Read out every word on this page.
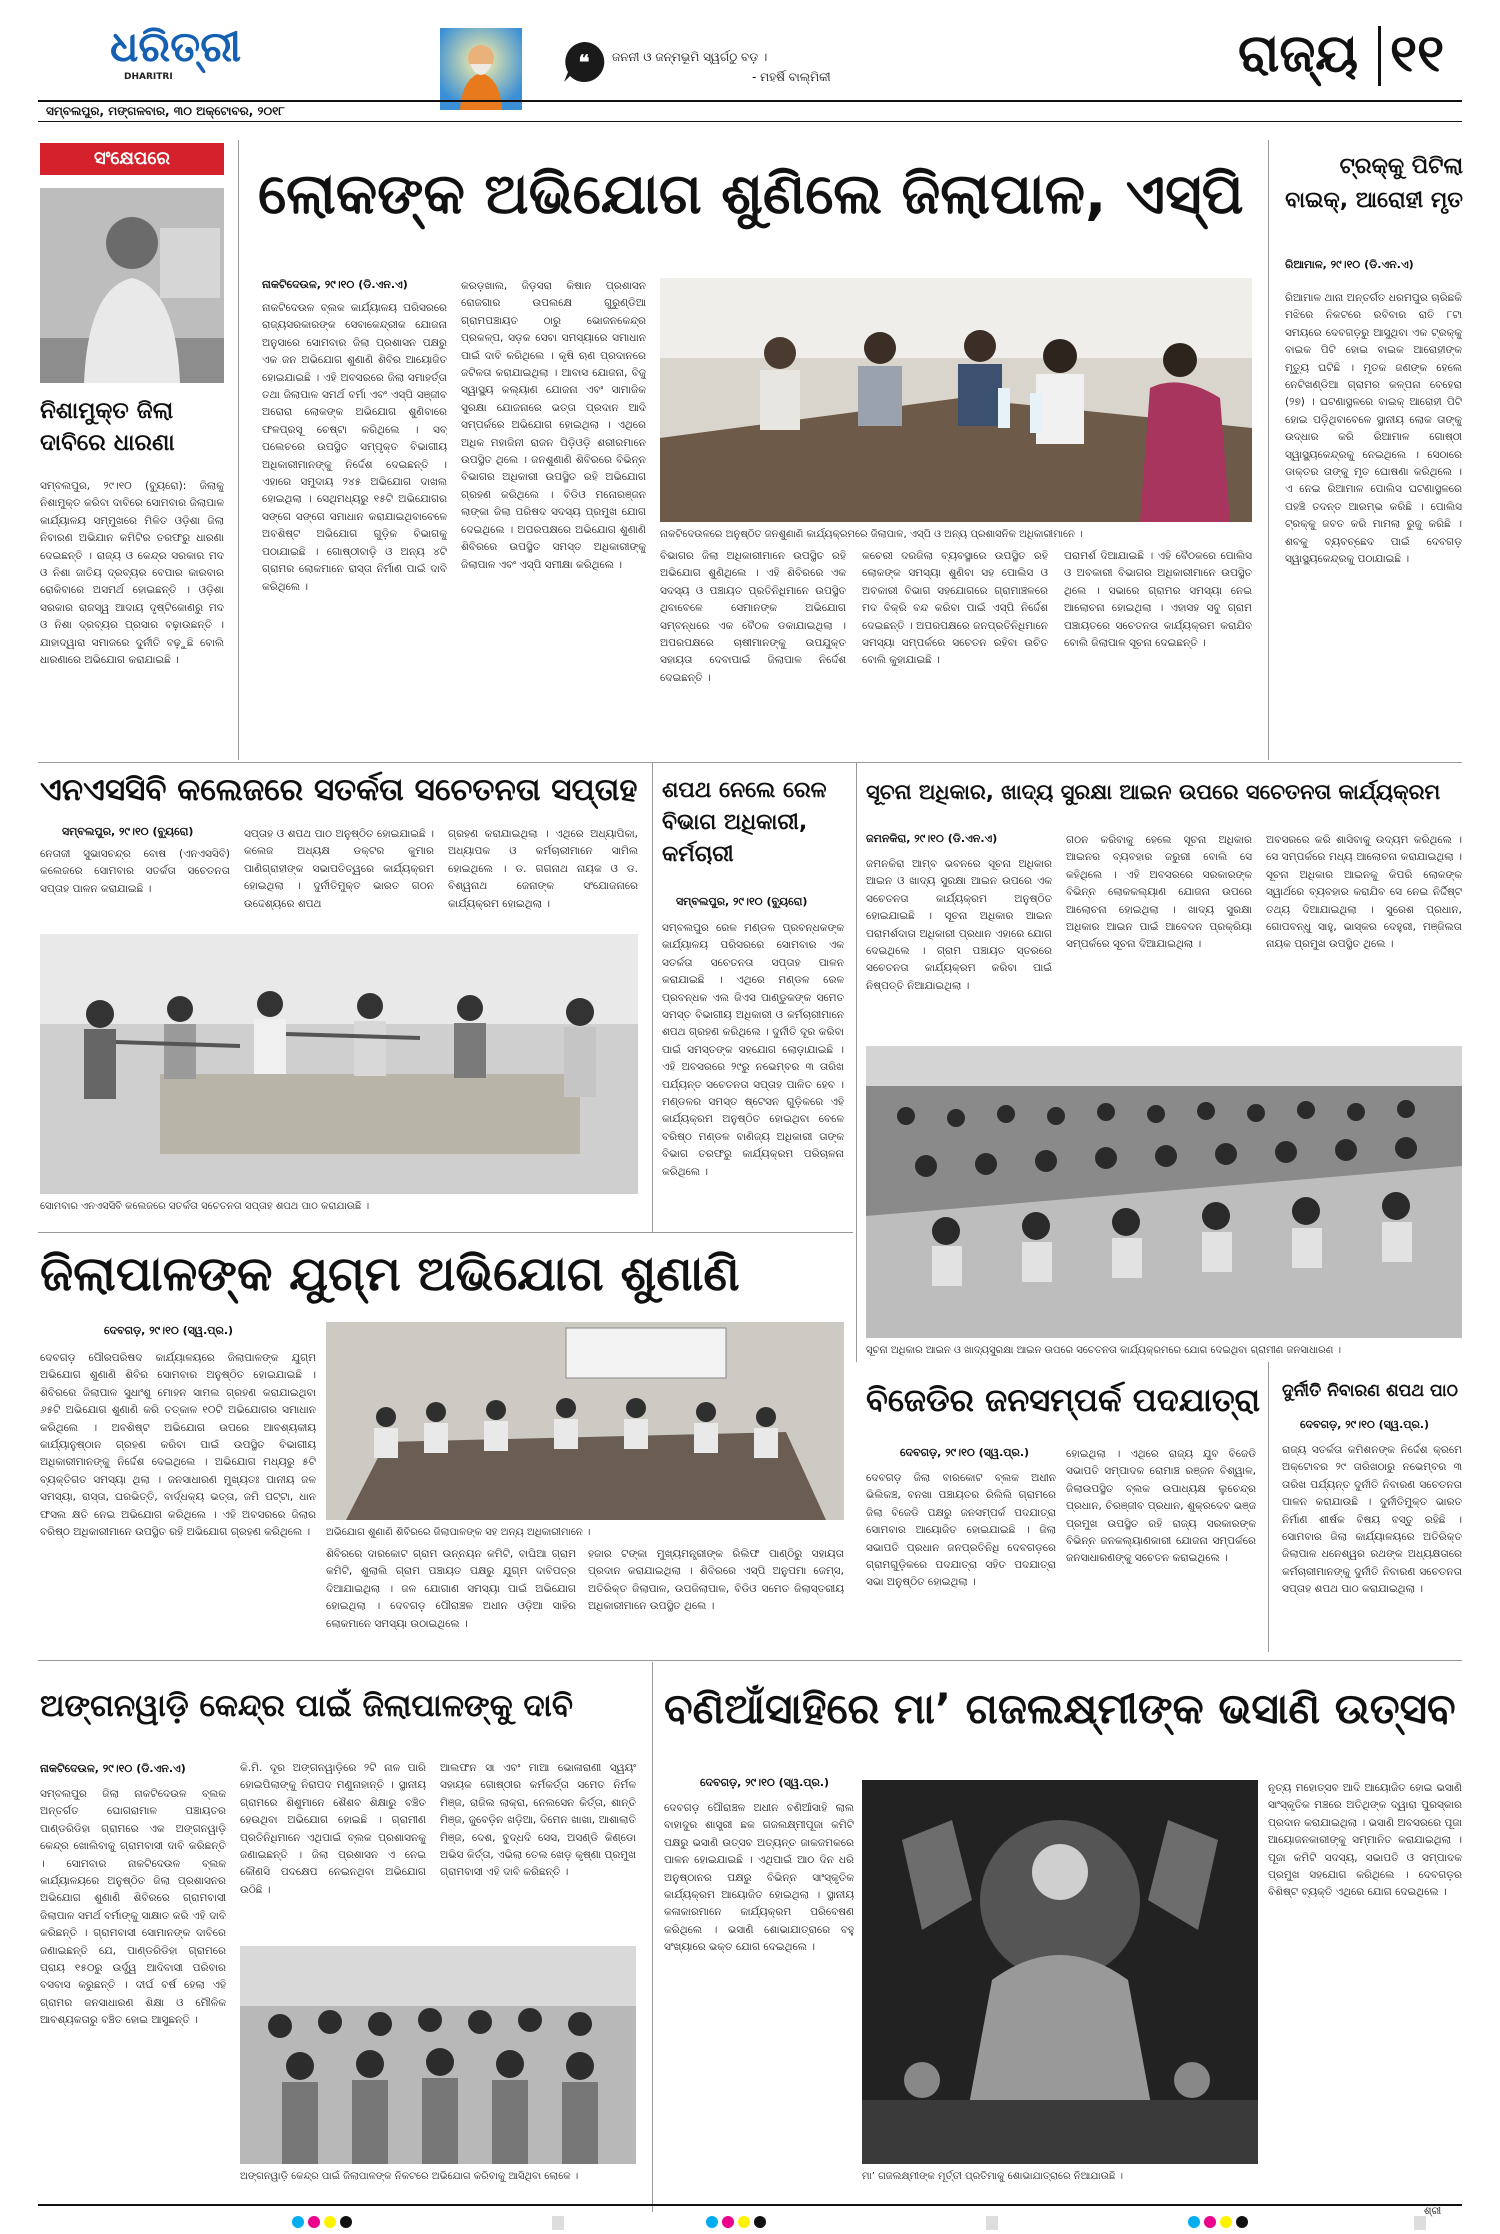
ଧରିତ୍ରୀ
DHARITRI
❝ ଜନନୀ ଓ ଜନ୍ମଭୂମି ସ୍ୱର୍ଗଠୁ ବଡ଼ ।
- ମହର୍ଷି ବାଲ୍ମିକୀ	ରାଜ୍ୟ ୧୧
ସମ୍ବଲପୁର, ମଙ୍ଗଳବାର, ୩୦ ଅକ୍ଟୋବର, ୨୦୧୮
ସଂକ୍ଷେପରେ
ନିଶାମୁକ୍ତ ଜିଲା ଦାବିରେ ଧାରଣା
ସମ୍ବଲପୁର, ୨୯।୧୦ (ବ୍ୟୁରୋ): ଜିଲାକୁ ନିଶାମୁକ୍ତ କରିବା ଦାବିରେ ସୋମବାର ଜିଲାପାଳ କାର୍ଯ୍ୟାଳୟ ସମ୍ମୁଖରେ ମିଳିତ ଓଡ଼ିଶା ଜିଲା ନିବାରଣ ଅଭିଯାନ କମିଟିର ତରଫରୁ ଧାରଣା ଦେଇଛନ୍ତି । ରାଜ୍ୟ ଓ କେନ୍ଦ୍ର ସରକାର ମଦ ଓ ନିଶା ଜାତିୟ ଦ୍ରବ୍ୟର ବେପାର କାରବାର ରୋକିବାରେ ଅସମର୍ଥ ହୋଇଛନ୍ତି । ଓଡ଼ିଶା ସରକାର ରାଜସ୍ୱ ଆଦାୟ ଦୃଷ୍ଟିକୋଣରୁ ମଦ ଓ ନିଶା ଦ୍ରବ୍ୟର ପ୍ରସାର ବଢ଼ାଉଛନ୍ତି । ଯାହାଦ୍ୱାରା ସମାଜରେ ଦୁର୍ନୀତି ବଢ଼ୁଛି ବୋଲି ଧାରଣାରେ ଅଭିଯୋଗ କରାଯାଇଛି ।
ଲୋକଙ୍କ ଅଭିଯୋଗ ଶୁଣିଲେ ଜିଲାପାଳ, ଏସ୍‌ପି
ନାକଟିଦେଉଳ, ୨୯।୧୦ (ଡି.ଏନ.ଏ)
ନାକଟିଦେଉଳ ବ୍ଲକ କାର୍ଯ୍ୟାଳୟ ପରିସରରେ ରାଜ୍ୟସରକାରଙ୍କ ସେବାକେନ୍ଦ୍ରୀକ ଯୋଜନା ଅନୁସାରେ ସୋମବାର ଜିଲା ପ୍ରଶାସନ ପକ୍ଷରୁ ଏକ ଜନ ଅଭିଯୋଗ ଶୁଣାଣି ଶିବିର ଆୟୋଜିତ ହୋଇଯାଇଛି । ଏହି ଅବସରରେ ଜିଲା ସମାହର୍ତ୍ତା ତଥା ଜିଲାପାଳ ସମର୍ଥ ବର୍ମା ଏବଂ ଏସ୍‌ପି ସଞ୍ଜୀବ ଅରୋରା ଲୋକଙ୍କ ଅଭିଯୋଗ ଶୁଣିବାରେ ଫଳପ୍ରସୂ ଚେଷ୍ଟା କରିଥିଲେ । ସବ୍ ପଲେଚରେ ଉପସ୍ଥିତ ସମ୍ପୃକ୍ତ ବିଭାଗୀୟ ଅଧିକାରୀମାନଙ୍କୁ ନିର୍ଦ୍ଦେଶ ଦେଇଛନ୍ତି । ଏହାରେ ସମୁଦାୟ ୨୪୫ ଅଭିଯୋଗ ଦାଖଲ ହୋଇଥିଲା । ସେଥିମଧ୍ୟରୁ ୧୫ଟି ଅଭିଯୋଗର ସଙ୍ଗେ ସଙ୍ଗେ ସମାଧାନ କରାଯାଇଥିବାବେଳେ ଅବଶିଷ୍ଟ ଅଭିଯୋଗ ଗୁଡ଼ିକ ବିଭାଗକୁ ପଠାଯାଇଛି । ଗୋଷ୍ଠୀବାଡ଼ି ଓ ଅନ୍ୟ ୪ଟି ଗ୍ରାମର ଲୋକମାନେ ରାସ୍ତା ନିର୍ମାଣ ପାଇଁ ଦାବି କରିଥିଲେ ।
କରଡ଼ଖାଲ, ଜିଡ଼ସରା କିଷାନ ପ୍ରଶାସନ ରୋଜଗାର ଉପଲକ୍ଷେ ଗୁରୁଣ୍ଡିଆ ଗ୍ରାମପଞ୍ଚାୟତ ଠାରୁ ଭୋଜନକେନ୍ଦ୍ର ପ୍ରକଳ୍ପ, ସଡ଼କ ସେବା ସମସ୍ୟାରେ ସମାଧାନ ପାଇଁ ଦାବି କରିଥିଲେ । କୃଷି ଋଣ ପ୍ରଦାନରେ ଜଟିଳତା କରାଯାଇଥିଲା । ଆବାସ ଯୋଜନା, ବିଜୁ ସ୍ୱାସ୍ଥ୍ୟ କଲ୍ୟାଣ ଯୋଜନା ଏବଂ ସାମାଜିକ ସୁରକ୍ଷା ଯୋଜନାରେ ଭତ୍ତା ପ୍ରଦାନ ଆଦି ସମ୍ପର୍କରେ ଅଭିଯୋଗ ହୋଇଥିଲା । ଏଥିରେ ଅଧିକ ମହାଜିନୀ ରାଜନ ପିଡ଼ିଓଡ଼ି ଶରୀରମାନେ ଉପସ୍ଥିତ ଥିଲେ । ଜନଶୁଣାଣି ଶିବିରରେ ବିଭିନ୍ନ ବିଭାଗର ଅଧିକାରୀ ଉପସ୍ଥିତ ରହି ଅଭିଯୋଗ ଗ୍ରହଣ କରିଥିଲେ । ବିଡିଓ ମନୋରଞ୍ଜନ ଲାଙ୍କା ଜିଲା ପରିଷଦ ସଦସ୍ୟ ପ୍ରମୁଖ ଯୋଗ ଦେଇଥିଲେ । ଅପରପକ୍ଷରେ ଅଭିଯୋଗ ଶୁଣାଣି ଶିବିରରେ ଉପସ୍ଥିତ ସମସ୍ତ ଅଧିକାରୀଙ୍କୁ ଜିଲାପାଳ ଏବଂ ଏସ୍‌ପି ସମୀକ୍ଷା କରିଥିଲେ ।
ନାକଟିଦେଉଳରେ ଅନୁଷ୍ଠିତ ଜନଶୁଣାଣି କାର୍ଯ୍ୟକ୍ରମରେ ଜିଲାପାଳ, ଏସ୍‌ପି ଓ ଅନ୍ୟ ପ୍ରଶାସନିକ ଅଧିକାରୀମାନେ ।
ବିଭାଗର ଜିଲା ଅଧିକାରୀମାନେ ଉପସ୍ଥିତ ରହି ଅଭିଯୋଗ ଶୁଣିଥିଲେ । ଏହି ଶିବିରରେ ଏକ ସଦସ୍ୟ ଓ ପଞ୍ଚାୟତ ପ୍ରତିନିଧିମାନେ ଉପସ୍ଥିତ ଥିବାବେଳେ ସେମାନଙ୍କ ଅଭିଯୋଗ ସମ୍ବନ୍ଧରେ ଏକ ବୈଠକ ଡକାଯାଇଥିଲା । ଅପରପକ୍ଷରେ ଚାଷୀମାନଙ୍କୁ ଉପଯୁକ୍ତ ସହାୟତା ଦେବାପାଇଁ ଜିଲାପାଳ ନିର୍ଦ୍ଦେଶ ଦେଇଛନ୍ତି ।
କଚେରୀ ଦରଜିଲା ବ୍ୟବସ୍ଥାରେ ଉପସ୍ଥିତ ରହି ଲୋକଙ୍କ ସମସ୍ୟା ଶୁଣିବା ସହ ପୋଲିସ ଓ ଅବକାରୀ ବିଭାଗ ସହଯୋଗରେ ଗ୍ରାମାଞ୍ଚଳରେ ମଦ ବିକ୍ରି ବନ୍ଦ କରିବା ପାଇଁ ଏସ୍‌ପି ନିର୍ଦ୍ଦେଶ ଦେଇଛନ୍ତି । ଅପରପକ୍ଷରେ ଜନପ୍ରତିନିଧିମାନେ ସମସ୍ୟା ସମ୍ପର୍କରେ ସଚେତନ ରହିବା ଉଚିତ ବୋଲି କୁହାଯାଇଛି ।
ପରାମର୍ଶ ଦିଆଯାଇଛି । ଏହି ବୈଠକରେ ପୋଲିସ ଓ ଅବକାରୀ ବିଭାଗର ଅଧିକାରୀମାନେ ଉପସ୍ଥିତ ଥିଲେ । ସଭାରେ ଗ୍ରାମର ସମସ୍ୟା ନେଇ ଆଲୋଚନା ହୋଇଥିଲା । ଏହାସହ ସବୁ ଗ୍ରାମ ପଞ୍ଚାୟତରେ ସଚେତନତା କାର୍ଯ୍ୟକ୍ରମ କରାଯିବ ବୋଲି ଜିଲାପାଳ ସୂଚନା ଦେଇଛନ୍ତି ।
ଟ୍ରକ୍‌କୁ ପିଟିଲା ବାଇକ୍, ଆରୋହୀ ମୃତ
ରିଆମାଳ, ୨୯।୧୦ (ଡି.ଏନ.ଏ)
ରିଆମାଳ ଥାନା ଅନ୍ତର୍ଗତ ଧରମପୁର ଚାରିଛକି ମଝିରେ ନିକଟରେ ରବିବାର ରାତି ୮ଟା ସମୟରେ ଦେବଗଡ଼ରୁ ଆସୁଥିବା ଏକ ଟ୍ରକ୍‌କୁ ବାଇକ ପିଟି ହୋଇ ବାଇକ ଆରୋହୀଙ୍କ ମୃତ୍ୟୁ ଘଟିଛି । ମୃତକ ଜଣଙ୍କ ହେଲେ ନେଟିଖଣ୍ଡିଆ ଗ୍ରାମର କଳ୍ପନା ବେହେରା (୨୭) । ଘଟଣାସ୍ଥଳରେ ବାଇକ୍ ଆରୋହୀ ପିଟି ହୋଇ ପଡ଼ିଥିବାବେଳେ ସ୍ଥାନୀୟ ଲୋକ ତାଙ୍କୁ ଉଦ୍ଧାର କରି ରିଆମାଳ ଗୋଷ୍ଠୀ ସ୍ୱାସ୍ଥ୍ୟକେନ୍ଦ୍ରକୁ ନେଇଥିଲେ । ସେଠାରେ ଡାକ୍ତର ତାଙ୍କୁ ମୃତ ଘୋଷଣା କରିଥିଲେ । ଏ ନେଇ ରିଆମାଳ ପୋଲିସ ଘଟଣାସ୍ଥଳରେ ପହଞ୍ଚି ତଦନ୍ତ ଆରମ୍ଭ କରିଛି । ପୋଲିସ ଟ୍ରକ୍‌କୁ ଜବତ କରି ମାମଲା ରୁଜୁ କରିଛି । ଶବକୁ ବ୍ୟବଚ୍ଛେଦ ପାଇଁ ଦେବଗଡ଼ ସ୍ୱାସ୍ଥ୍ୟକେନ୍ଦ୍ରକୁ ପଠାଯାଇଛି ।
ଏନଏସସିବି କଲେଜରେ ସତର୍କତା ସଚେତନତା ସପ୍ତାହ
ସମ୍ବଲପୁର, ୨୯।୧୦ (ବ୍ୟୁରୋ)
ନେତାଜୀ ସୁଭାସଚନ୍ଦ୍ର ବୋଷ (ଏନଏସସିବି) କଲେଜରେ ସୋମବାର ସତର୍କତା ସଚେତନତା ସପ୍ତାହ ପାଳନ କରାଯାଇଛି ।
ସପ୍ତାହ ଓ ଶପଥ ପାଠ ଅନୁଷ୍ଠିତ ହୋଇଯାଇଛି । କଲେଜ ଅଧ୍ୟକ୍ଷ ଡକ୍ଟର କୁମାର ପାଣିଗ୍ରାହୀଙ୍କ ସଭାପତିତ୍ୱରେ କାର୍ଯ୍ୟକ୍ରମ ହୋଇଥିଲା । ଦୁର୍ନୀତିମୁକ୍ତ ଭାରତ ଗଠନ ଉଦ୍ଦେଶ୍ୟରେ ଶପଥ
ଗ୍ରହଣ କରାଯାଇଥିଲା । ଏଥିରେ ଅଧ୍ୟାପିକା, ଅଧ୍ୟାପକ ଓ କର୍ମଚାରୀମାନେ ସାମିଲ ହୋଇଥିଲେ । ଡ. ଗଗନାଥ ନାୟକ ଓ ଡ. ବିଶ୍ୱନାଥ ଜେନାଙ୍କ ସଂଯୋଜନାରେ କାର୍ଯ୍ୟକ୍ରମ ହୋଇଥିଲା ।
ସୋମବାର ଏନଏସସିବି କଲେଜରେ ସତର୍କତା ସଚେତନତା ସପ୍ତାହ ଶପଥ ପାଠ କରାଯାଉଛି ।
ଶପଥ ନେଲେ ରେଳ ବିଭାଗ ଅଧିକାରୀ, କର୍ମଚାରୀ
ସମ୍ବଲପୁର, ୨୯।୧୦ (ବ୍ୟୁରୋ)
ସମ୍ବଲପୁର ରେଳ ମଣ୍ଡଳ ପ୍ରବନ୍ଧକଙ୍କ କାର୍ଯ୍ୟାଳୟ ପରିସରରେ ସୋମବାର ଏକ ସତର୍କତା ସଚେତନତା ସପ୍ତାହ ପାଳନ କରାଯାଇଛି । ଏଥିରେ ମଣ୍ଡଳ ରେଳ ପ୍ରବନ୍ଧକ ଏଲ ଜିଏସ ପାଣ୍ଡୁକଙ୍କ ସମେତ ସମସ୍ତ ବିଭାଗୀୟ ଅଧିକାରୀ ଓ କର୍ମଚାରୀମାନେ ଶପଥ ଗ୍ରହଣ କରିଥିଲେ । ଦୁର୍ନୀତି ଦୂର କରିବା ପାଇଁ ସମସ୍ତଙ୍କ ସହଯୋଗ ଲୋଡ଼ାଯାଇଛି । ଏହି ଅବସରରେ ୨୯ରୁ ନଭେମ୍ବର ୩ ତାରିଖ ପର୍ଯ୍ୟନ୍ତ ସଚେତନତା ସପ୍ତାହ ପାଳିତ ହେବ । ମଣ୍ଡଳର ସମସ୍ତ ଷ୍ଟେସନ ଗୁଡ଼ିକରେ ଏହି କାର୍ଯ୍ୟକ୍ରମ ଅନୁଷ୍ଠିତ ହୋଇଥିବା ବେଳେ ବରିଷ୍ଠ ମଣ୍ଡଳ ବାଣିଜ୍ୟ ଅଧିକାରୀ ତାଙ୍କ ବିଭାଗ ତରଫରୁ କାର୍ଯ୍ୟକ୍ରମ ପରିଚାଳନା କରିଥିଲେ ।
ସୂଚନା ଅଧିକାର, ଖାଦ୍ୟ ସୁରକ୍ଷା ଆଇନ ଉପରେ ସଚେତନତା କାର୍ଯ୍ୟକ୍ରମ
ଜମନକିରା, ୨୯।୧୦ (ଡି.ଏନ.ଏ)
ଜମନକିରା ଆମ୍ବ ଭବନରେ ସୂଚନା ଅଧିକାର ଆଇନ ଓ ଖାଦ୍ୟ ସୁରକ୍ଷା ଆଇନ ଉପରେ ଏକ ସଚେତନତା କାର୍ଯ୍ୟକ୍ରମ ଅନୁଷ୍ଠିତ ହୋଇଯାଇଛି । ସୂଚନା ଅଧିକାର ଆଇନ ପରାମର୍ଶଦାତା ଅଧିକାରୀ ପ୍ରଧାନ ଏହାରେ ଯୋଗ ଦେଇଥିଲେ । ଗ୍ରାମ ପଞ୍ଚାୟତ ସ୍ତରରେ ସଚେତନତା କାର୍ଯ୍ୟକ୍ରମ କରିବା ପାଇଁ ନିଷ୍ପତ୍ତି ନିଆଯାଇଥିଲା ।
ଗଠନ କରିବାକୁ ହେଲେ ସୂଚନା ଅଧିକାର ଆଇନର ବ୍ୟବହାର ଜରୁରୀ ବୋଲି ସେ କହିଥିଲେ । ଏହି ଅବସରରେ ସରକାରଙ୍କ ବିଭିନ୍ନ ଲୋକକଲ୍ୟାଣ ଯୋଜନା ଉପରେ ଆଲୋଚନା ହୋଇଥିଲା । ଖାଦ୍ୟ ସୁରକ୍ଷା ଅଧିକାର ଆଇନ ପାଇଁ ଆବେଦନ ପ୍ରକ୍ରିୟା ସମ୍ପର୍କରେ ସୂଚନା ଦିଆଯାଇଥିଲା ।
ଅବସରରେ କରି ଶାସିବାକୁ ଉଦ୍ୟମ କରିଥିଲେ । ସେ ସମ୍ପର୍କରେ ମଧ୍ୟ ଆଲୋଚନା କରାଯାଇଥିଲା । ସୂଚନା ଅଧିକାର ଆଇନକୁ କିପରି ଲୋକଙ୍କ ସ୍ୱାର୍ଥରେ ବ୍ୟବହାର କରାଯିବ ସେ ନେଇ ନିର୍ଦ୍ଦିଷ୍ଟ ତଥ୍ୟ ଦିଆଯାଇଥିଲା । ସୁରେଶ ପ୍ରଧାନ, ଗୋପବନ୍ଧୁ ସାହୁ, ଭାସ୍କର ଦେହୁରୀ, ମଞ୍ଜିଲତା ନାୟକ ପ୍ରମୁଖ ଉପସ୍ଥିତ ଥିଲେ ।
ସୂଚନା ଅଧିକାର ଆଇନ ଓ ଖାଦ୍ୟସୁରକ୍ଷା ଆଇନ ଉପରେ ସଚେତନତା କାର୍ଯ୍ୟକ୍ରମରେ ଯୋଗ ଦେଇଥିବା ଗ୍ରାମୀଣ ଜନସାଧାରଣ ।
ଜିଲାପାଳଙ୍କ ଯୁଗ୍ମ ଅଭିଯୋଗ ଶୁଣାଣି
ଦେବଗଡ଼, ୨୯।୧୦ (ସ୍ୱ.ପ୍ର.)
ଦେବଗଡ଼ ପୌରପରିଷଦ କାର୍ଯ୍ୟାଳୟରେ ଜିଲାପାଳଙ୍କ ଯୁଗ୍ମ ଅଭିଯୋଗ ଶୁଣାଣି ଶିବିର ସୋମବାର ଅନୁଷ୍ଠିତ ହୋଇଯାଇଛି । ଶିବିରରେ ଜିଲାପାଳ ସୁଧାଂଶୁ ମୋହନ ସାମଲ ଗ୍ରହଣ କରାଯାଇଥିବା ୬୫ଟି ଅଭିଯୋଗ ଶୁଣାଣି କରି ତତ୍କାଳ ୧୦ଟି ଅଭିଯୋଗର ସମାଧାନ କରିଥିଲେ । ଅବଶିଷ୍ଟ ଅଭିଯୋଗ ଉପରେ ଆବଶ୍ୟକୀୟ କାର୍ଯ୍ୟାନୁଷ୍ଠାନ ଗ୍ରହଣ କରିବା ପାଇଁ ଉପସ୍ଥିତ ବିଭାଗୀୟ ଅଧିକାରୀମାନଙ୍କୁ ନିର୍ଦ୍ଦେଶ ଦେଇଥିଲେ । ଅଭିଯୋଗ ମଧ୍ୟରୁ ୫ଟି ବ୍ୟକ୍ତିଗତ ସମସ୍ୟା ଥିଲା । ଜନସାଧାରଣ ମୁଖ୍ୟତଃ ପାନୀୟ ଜଳ ସମସ୍ୟା, ରାସ୍ତା, ଘରଭିତ୍ତି, ବାର୍ଦ୍ଧକ୍ୟ ଭତ୍ତା, ଜମି ପଟ୍ଟା, ଧାନ ଫସଲ କ୍ଷତି ନେଇ ଅଭିଯୋଗ କରିଥିଲେ । ଏହି ଅବସରରେ ଜିଲାର ବରିଷ୍ଠ ଅଧିକାରୀମାନେ ଉପସ୍ଥିତ ରହି ଅଭିଯୋଗ ଗ୍ରହଣ କରିଥିଲେ ।	ଅଭିଯୋଗ ଶୁଣାଣି ଶିବିରରେ ଜିଲାପାଳଙ୍କ ସହ ଅନ୍ୟ ଅଧିକାରୀମାନେ ।
ଶିବିରରେ ଦାରକୋଟ ଗ୍ରାମ ଉନ୍ନୟନ କମିଟି, ବାଘିଆ ଗ୍ରାମ କମିଟି, ଶୁଲାଲି ଗ୍ରାମ ପଞ୍ଚାୟତ ପକ୍ଷରୁ ଯୁଗ୍ମ ଦାବିପତ୍ର ଦିଆଯାଇଥିଲା । ଜଳ ଯୋଗାଣ ସମସ୍ୟା ପାଇଁ ଅଭିଯୋଗ ହୋଇଥିଲା । ଦେବଗଡ଼ ପୌରାଞ୍ଚଳ ଅଧୀନ ଓଡ଼ିଆ ସାହିର ଲୋକମାନେ ସମସ୍ୟା ଉଠାଇଥିଲେ ।
ହଜାର ଟଙ୍କା ମୁଖ୍ୟମନ୍ତ୍ରୀଙ୍କ ରିଲିଫ ପାଣ୍ଠିରୁ ସହାୟତା ପ୍ରଦାନ କରାଯାଇଥିଲା । ଶିବିରରେ ଏସ୍‌ପି ଅନୁପମା ଜେମ୍ସ, ଅତିରିକ୍ତ ଜିଲାପାଳ, ଉପଜିଲାପାଳ, ବିଡିଓ ସମେତ ଜିଲାସ୍ତରୀୟ ଅଧିକାରୀମାନେ ଉପସ୍ଥିତ ଥିଲେ ।
ବିଜେଡିର ଜନସମ୍ପର୍କ ପଦଯାତ୍ରା
ଦେବଗଡ଼, ୨୯।୧୦ (ସ୍ୱ.ପ୍ର.)
ଦେବଗଡ଼ ଜିଲା ବାରକୋଟ ବ୍ଲକ ଅଧୀନ ଭିଲିକଞ୍ଚ, ବନଖା ପଞ୍ଚାୟତର ରିଲିଲି ଗ୍ରାମରେ ଜିଲା ବିଜେଡି ପକ୍ଷରୁ ଜନସମ୍ପର୍କ ପଦଯାତ୍ରା ସୋମବାର ଆୟୋଜିତ ହୋଇଯାଇଛି । ଜିଲା ସଭାପତି ପ୍ରଧାନ ଜନପ୍ରତିନିଧି ଦେବଗଡ଼ରେ ଗ୍ରାମଗୁଡ଼ିକରେ ପଦଯାତ୍ରା ସହିତ ପଦଯାତ୍ରା ସଭା ଅନୁଷ୍ଠିତ ହୋଇଥିଲା ।
ହୋଇଥିଲା । ଏଥିରେ ରାଜ୍ୟ ଯୁବ ବିଜେଡି ସଭାପତି ସମ୍ପାଦକ ରୋମାଞ୍ଚ ରଞ୍ଜନ ବିଶ୍ୱାଳ, ଜିଲାଉପସ୍ଥିତ ବ୍ଲକ ଉପାଧ୍ୟକ୍ଷ ଲୁଚେନ୍ଦ୍ର ପ୍ରଧାନ, ଚିରଞ୍ଜୀବ ପ୍ରଧାନ, ଶୁକ୍ରଦେବ ଭଞ୍ଜ ପ୍ରମୁଖ ଉପସ୍ଥିତ ରହି ରାଜ୍ୟ ସରକାରଙ୍କ ବିଭିନ୍ନ ଜନକଲ୍ୟାଣକାରୀ ଯୋଜନା ସମ୍ପର୍କରେ ଜନସାଧାରଣଙ୍କୁ ସଚେତନ କରାଇଥିଲେ ।
ଦୁର୍ନୀତି ନିବାରଣ ଶପଥ ପାଠ
ଦେବଗଡ଼, ୨୯।୧୦ (ସ୍ୱ.ପ୍ର.)
ରାଜ୍ୟ ସତର୍କତା କମିଶନଙ୍କ ନିର୍ଦ୍ଦେଶ କ୍ରମେ ଅକ୍ଟୋବର ୨୯ ତାରିଖଠାରୁ ନଭେମ୍ବର ୩ ତାରିଖ ପର୍ଯ୍ୟନ୍ତ ଦୁର୍ନୀତି ନିବାରଣ ସଚେତନତା ପାଳନ କରାଯାଉଛି । ଦୁର୍ନୀତିମୁକ୍ତ ଭାରତ ନିର୍ମାଣ ଶୀର୍ଷକ ବିଷୟ ବସ୍ତୁ ରହିଛି । ସୋମବାର ଜିଲା କାର୍ଯ୍ୟାଳୟରେ ଅତିରିକ୍ତ ଜିଲାପାଳ ଧନେଶ୍ୱର ରଥଙ୍କ ଅଧ୍ୟକ୍ଷତାରେ କର୍ମଚାରୀମାନଙ୍କୁ ଦୁର୍ନୀତି ନିବାରଣ ସଚେତନତା ସପ୍ତାହ ଶପଥ ପାଠ କରାଯାଇଥିଲା ।
ଅଙ୍ଗନୱାଡ଼ି କେନ୍ଦ୍ର ପାଇଁ ଜିଲାପାଳଙ୍କୁ ଦାବି
ନାକଟିଦେଉଳ, ୨୯।୧୦ (ଡି.ଏନ.ଏ)
ସମ୍ବଲପୁର ଜିଲା ନାକଟିଦେଉଳ ବ୍ଲକ ଅନ୍ତର୍ଗତ ଘୋଗରାମାଳ ପଞ୍ଚାୟତର ପାଣ୍ଡରିଡିହା ଗ୍ରାମରେ ଏକ ଅଙ୍ଗନୱାଡ଼ି କେନ୍ଦ୍ର ଖୋଲିବାକୁ ଗ୍ରାମବାସୀ ଦାବି କରିଛନ୍ତି । ସୋମବାର ନାକଟିଦେଉଳ ବ୍ଲକ କାର୍ଯ୍ୟାଳୟରେ ଅନୁଷ୍ଠିତ ଜିଲା ପ୍ରଶାସନର ଅଭିଯୋଗ ଶୁଣାଣି ଶିବିରରେ ଗ୍ରାମବାସୀ ଜିଲାପାଳ ସମର୍ଥ ବର୍ମାଙ୍କୁ ସାକ୍ଷାତ କରି ଏହି ଦାବି କରିଛନ୍ତି । ଗ୍ରାମବାସୀ ସୋମାନଙ୍କ ଦାବିରେ ଜଣାଇଛନ୍ତି ଯେ, ପାଣ୍ଡରିଡିହା ଗ୍ରାମରେ ପ୍ରାୟ ୧୫୦ରୁ ଉର୍ଦ୍ଧ୍ୱ ଆଦିବାସୀ ପରିବାର ବସବାସ କରୁଛନ୍ତି । ଦୀର୍ଘ ବର୍ଷ ହେଲା ଏହି ଗ୍ରାମର ଜନସାଧାରଣ ଶିକ୍ଷା ଓ ମୌଳିକ ଆବଶ୍ୟକତାରୁ ବଞ୍ଚିତ ହୋଇ ଆସୁଛନ୍ତି ।
କି.ମି. ଦୂର ଅଙ୍ଗନୱାଡ଼ିରେ ୨ଟି ନାଳ ପାରି ହୋଇପିଲାଙ୍କୁ ନିରାପଦ ମଣୁନାହାନ୍ତି । ସ୍ଥାନୀୟ ଗ୍ରାମରେ ଶିଶୁମାନେ ଶୈଶବ ଶିକ୍ଷାରୁ ବଞ୍ଚିତ ହେଉଥିବା ଅଭିଯୋଗ ହୋଇଛି । ଗ୍ରାମୀଣ ପ୍ରତିନିଧିମାନେ ଏଥିପାଇଁ ବ୍ଲକ ପ୍ରଶାସନକୁ ଜଣାଇଛନ୍ତି । ଜିଲା ପ୍ରଶାସନ ଏ ନେଇ କୌଣସି ପଦକ୍ଷେପ ନେଇନଥିବା ଅଭିଯୋଗ ଉଠିଛି ।
ଆଲଫନ ସା ଏବଂ ମାଆ ଭୋଳାରାଣୀ ସ୍ୱୟଂ ସହାୟକ ଗୋଷ୍ଠୀର କର୍ମକର୍ତ୍ତା ସମେତ ନିର୍ମଳ ମିଞ୍ଜ, ରାଜିଲ ଲାକ୍ରା, ନେଲସେନ କିର୍ତ୍ତା, ଶାନ୍ତି ମିଞ୍ଜ, ଜୁବେଡ଼ିନ ଖଡ଼ିଆ, ଦିମେନ ଖାଖା, ଆଶାଲାତି ମିଞ୍ଜ, ଦେଶ, ବୁଦ୍ଧଦି ସେସ, ଅସଣ୍ଡି କିଣ୍ଡୋ ଅଭିସ କିର୍ତ୍ତା, ଏଭିଲା ତେଲ ଖେଡ଼ କୃଷ୍ଣା ପ୍ରମୁଖ ଗ୍ରାମବାସୀ ଏହି ଦାବି କରିଛନ୍ତି ।
ଅଙ୍ଗନୱାଡ଼ି କେନ୍ଦ୍ର ପାଇଁ ଜିଲାପାଳଙ୍କ ନିକଟରେ ଅଭିଯୋଗ କରିବାକୁ ଆସିଥିବା ଲୋକେ ।
ବଣିଆଁସାହିରେ ମା’ ଗଜଲକ୍ଷ୍ମୀଙ୍କ ଭସାଣି ଉତ୍ସବ
ଦେବଗଡ଼, ୨୯।୧୦ (ସ୍ୱ.ପ୍ର.)
ଦେବଗଡ଼ ପୌରାଞ୍ଚଳ ଅଧୀନ ବଣିଆଁସାହି ଲାଲ ବାହାଦୁର ଶାସ୍ତ୍ରୀ ଛକ ଗଜଲକ୍ଷ୍ମୀପୂଜା କମିଟି ପକ୍ଷରୁ ଭସାଣି ଉତ୍ସବ ଅତ୍ୟନ୍ତ ଜାକଜମକରେ ପାଳନ ହୋଇଯାଇଛି । ଏଥିପାଇଁ ଆଠ ଦିନ ଧରି ଅନୁଷ୍ଠାନର ପକ୍ଷରୁ ବିଭିନ୍ନ ସାଂସ୍କୃତିକ କାର୍ଯ୍ୟକ୍ରମ ଆୟୋଜିତ ହୋଇଥିଲା । ସ୍ଥାନୀୟ କଳାକାରମାନେ କାର୍ଯ୍ୟକ୍ରମ ପରିବେଷଣ କରିଥିଲେ । ଭସାଣି ଶୋଭାଯାତ୍ରାରେ ବହୁ ସଂଖ୍ୟାରେ ଭକ୍ତ ଯୋଗ ଦେଇଥିଲେ ।
ମା’ ଗଜଲକ୍ଷ୍ମୀଙ୍କ ମୂର୍ତ୍ତୀ ପ୍ରତିମାକୁ ଶୋଭାଯାତ୍ରାରେ ନିଆଯାଉଛି ।
ନୃତ୍ୟ ମହୋତ୍ସବ ଆଦି ଆୟୋଜିତ ହୋଇ ଭସାଣି ସାଂସ୍କୃତିକ ମଞ୍ଚରେ ଅତିଥିଙ୍କ ଦ୍ୱାରା ପୁରସ୍କାର ପ୍ରଦାନ କରାଯାଇଥିଲା । ଭସାଣି ଅବସରରେ ପୂଜା ଆୟୋଜନକାରୀଙ୍କୁ ସମ୍ମାନିତ କରାଯାଇଥିଲା । ପୂଜା କମିଟି ସଦସ୍ୟ, ସଭାପତି ଓ ସମ୍ପାଦକ ପ୍ରମୁଖ ସହଯୋଗ କରିଥିଲେ । ଦେବଗଡ଼ର ବିଶିଷ୍ଟ ବ୍ୟକ୍ତି ଏଥିରେ ଯୋଗ ଦେଇଥିଲେ ।
ଶ୍ରୀ
